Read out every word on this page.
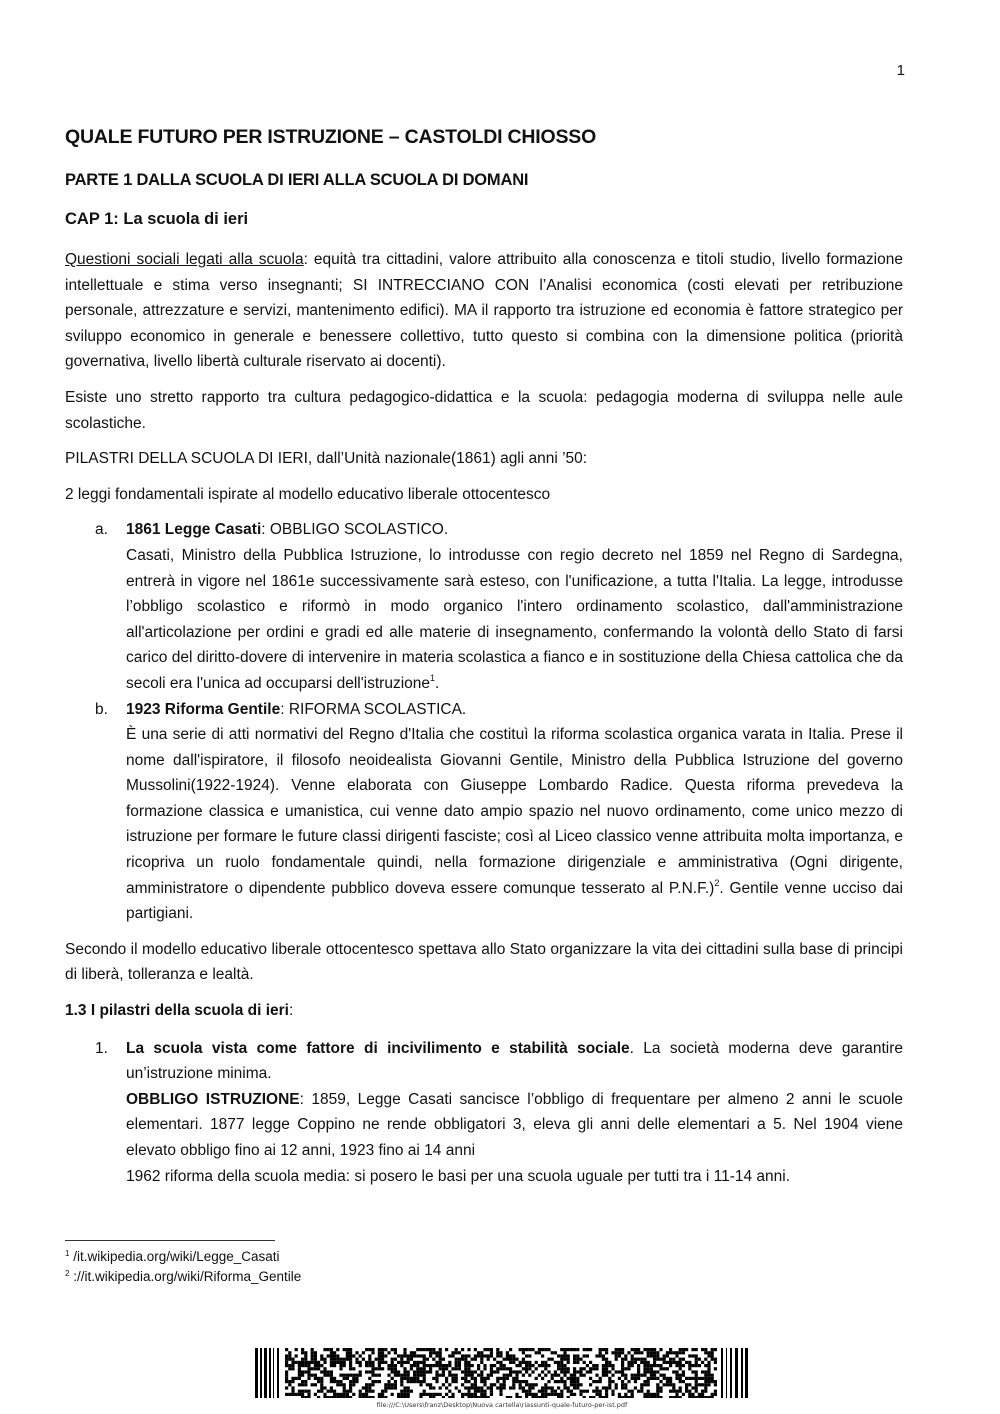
1
QUALE FUTURO PER ISTRUZIONE – CASTOLDI CHIOSSO
PARTE 1 DALLA SCUOLA DI IERI ALLA SCUOLA DI DOMANI
CAP 1: La scuola di ieri

Questioni sociali legati alla scuola: equità tra cittadini, valore attribuito alla conoscenza e titoli studio, livello formazione intellettuale e stima verso insegnanti; SI INTRECCIANO CON l’Analisi economica (costi elevati per retribuzione personale, attrezzature e servizi, mantenimento edifici). MA il rapporto tra istruzione ed economia è fattore strategico per sviluppo economico in generale e benessere collettivo, tutto questo si combina con la dimensione politica (priorità governativa, livello libertà culturale riservato ai docenti).

Esiste uno stretto rapporto tra cultura pedagogico-didattica e la scuola: pedagogia moderna di sviluppa nelle aule scolastiche.

PILASTRI DELLA SCUOLA DI IERI, dall’Unità nazionale(1861) agli anni ’50:

2 leggi fondamentali ispirate al modello educativo liberale ottocentesco

a. 1861 Legge Casati: OBBLIGO SCOLASTICO.
Casati, Ministro della Pubblica Istruzione, lo introdusse con regio decreto nel 1859 nel Regno di Sardegna, entrerà in vigore nel 1861e successivamente sarà esteso, con l'unificazione, a tutta l'Italia. La legge, introdusse l’obbligo scolastico e riformò in modo organico l'intero ordinamento scolastico, dall'amministrazione all'articolazione per ordini e gradi ed alle materie di insegnamento, confermando la volontà dello Stato di farsi carico del diritto-dovere di intervenire in materia scolastica a fianco e in sostituzione della Chiesa cattolica che da secoli era l'unica ad occuparsi dell'istruzione$^1$.
b. 1923 Riforma Gentile: RIFORMA SCOLASTICA.
È una serie di atti normativi del Regno d'Italia che costituì la riforma scolastica organica varata in Italia. Prese il nome dall'ispiratore, il filosofo neoidealista Giovanni Gentile, Ministro della Pubblica Istruzione del governo Mussolini(1922-1924). Venne elaborata con Giuseppe Lombardo Radice. Questa riforma prevedeva la formazione classica e umanistica, cui venne dato ampio spazio nel nuovo ordinamento, come unico mezzo di istruzione per formare le future classi dirigenti fasciste; così al Liceo classico venne attribuita molta importanza, e ricopriva un ruolo fondamentale quindi, nella formazione dirigenziale e amministrativa (Ogni dirigente, amministratore o dipendente pubblico doveva essere comunque tesserato al P.N.F.)$^2$. Gentile venne ucciso dai partigiani.

Secondo il modello educativo liberale ottocentesco spettava allo Stato organizzare la vita dei cittadini sulla base di principi di liberà, tolleranza e lealtà.

1.3 I pilastri della scuola di ieri:

1. La scuola vista come fattore di incivilimento e stabilità sociale. La società moderna deve garantire un’istruzione minima.
OBBLIGO ISTRUZIONE: 1859, Legge Casati sancisce l’obbligo di frequentare per almeno 2 anni le scuole elementari. 1877 legge Coppino ne rende obbligatori 3, eleva gli anni delle elementari a 5. Nel 1904 viene elevato obbligo fino ai 12 anni, 1923 fino ai 14 anni
1962 riforma della scuola media: si posero le basi per una scuola uguale per tutti tra i 11-14 anni.
$^1$ /it.wikipedia.org/wiki/Legge_Casati
$^2$ ://it.wikipedia.org/wiki/Riforma_Gentile
file:///C:\Users\franz\Desktop\Nuova cartella\riassunti-quale-futuro-per-ist.pdf
